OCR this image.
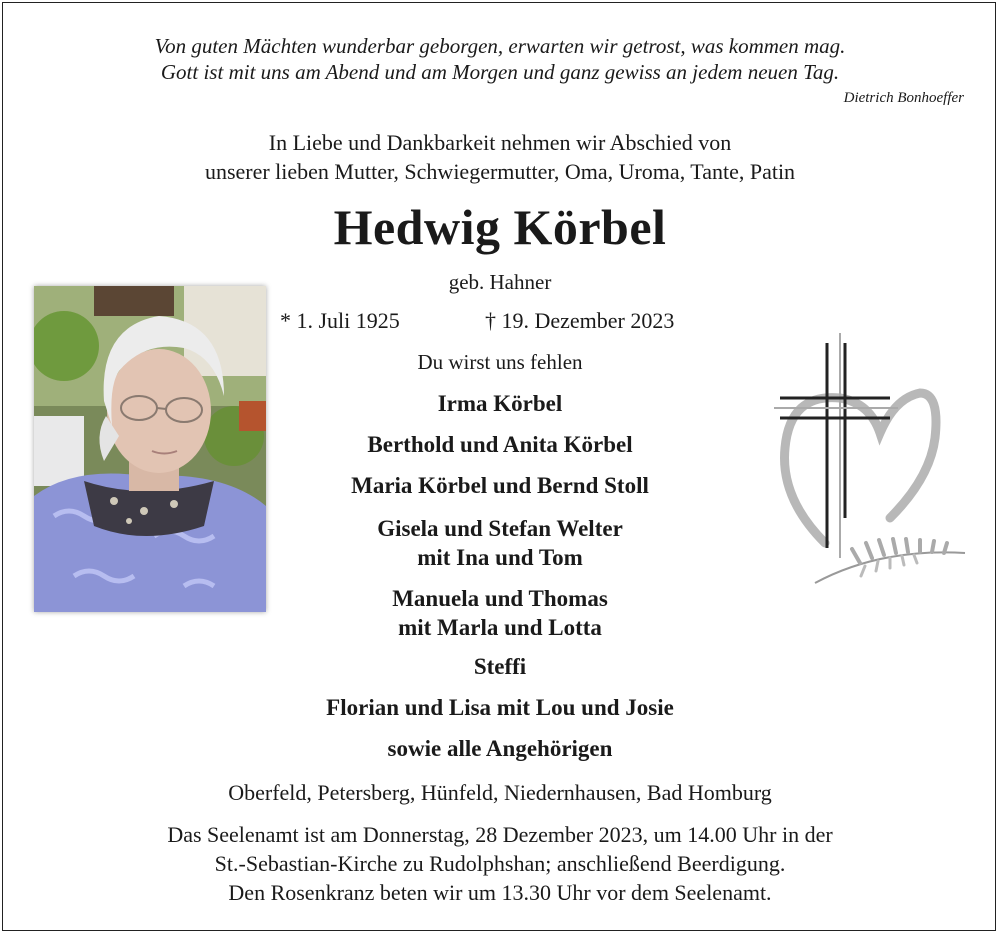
Von guten Mächten wunderbar geborgen, erwarten wir getrost, was kommen mag.
Gott ist mit uns am Abend und am Morgen und ganz gewiss an jedem neuen Tag.
Dietrich Bonhoeffer
In Liebe und Dankbarkeit nehmen wir Abschied von
unserer lieben Mutter, Schwiegermutter, Oma, Uroma, Tante, Patin
Hedwig Körbel
geb. Hahner
* 1. Juli 1925	† 19. Dezember 2023
Du wirst uns fehlen
Irma Körbel
Berthold und Anita Körbel
Maria Körbel und Bernd Stoll
Gisela und Stefan Welter
mit Ina und Tom
Manuela und Thomas
mit Marla und Lotta
Steffi
Florian und Lisa mit Lou und Josie
sowie alle Angehörigen
Oberfeld, Petersberg, Hünfeld, Niedernhausen, Bad Homburg
Das Seelenamt ist am Donnerstag, 28 Dezember 2023, um 14.00 Uhr in der
St.-Sebastian-Kirche zu Rudolphshan; anschließend Beerdigung.
Den Rosenkranz beten wir um 13.30 Uhr vor dem Seelenamt.
